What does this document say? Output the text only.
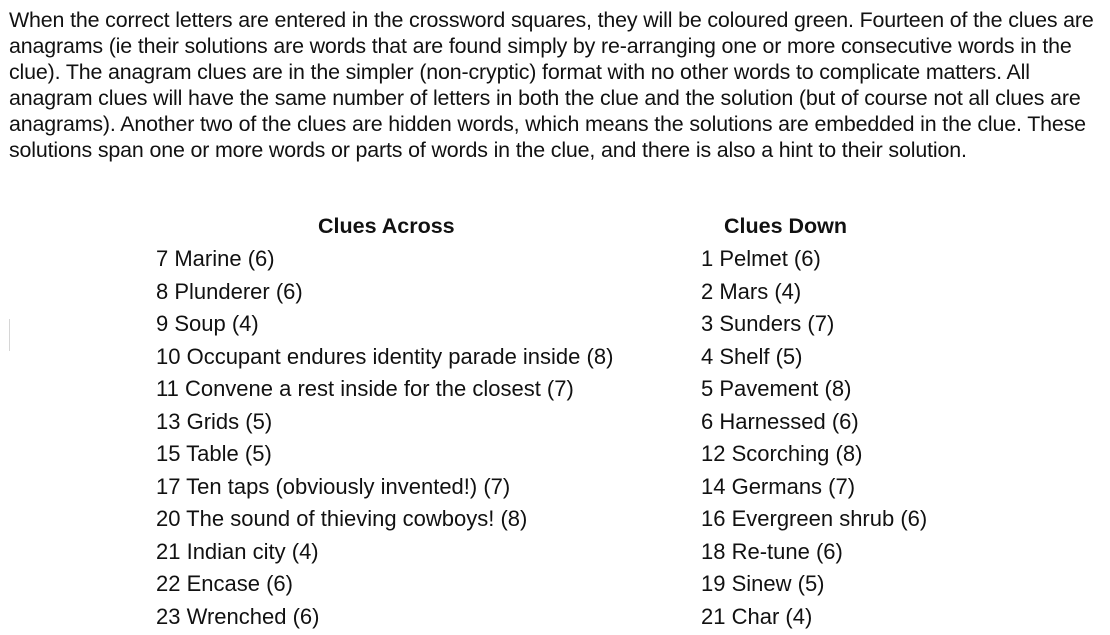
When the correct letters are entered in the crossword squares, they will be coloured green. Fourteen of the clues are anagrams (ie their solutions are words that are found simply by re-arranging one or more consecutive words in the clue). The anagram clues are in the simpler (non-cryptic) format with no other words to complicate matters. All anagram clues will have the same number of letters in both the clue and the solution (but of course not all clues are anagrams). Another two of the clues are hidden words, which means the solutions are embedded in the clue. These solutions span one or more words or parts of words in the clue, and there is also a hint to their solution.

Clues Across
7 Marine (6)
8 Plunderer (6)
9 Soup (4)
10 Occupant endures identity parade inside (8)
11 Convene a rest inside for the closest (7)
13 Grids (5)
15 Table (5)
17 Ten taps (obviously invented!) (7)
20 The sound of thieving cowboys! (8)
21 Indian city (4)
22 Encase (6)
23 Wrenched (6)
Clues Down
1 Pelmet (6)
2 Mars (4)
3 Sunders (7)
4 Shelf (5)
5 Pavement (8)
6 Harnessed (6)
12 Scorching (8)
14 Germans (7)
16 Evergreen shrub (6)
18 Re-tune (6)
19 Sinew (5)
21 Char (4)
